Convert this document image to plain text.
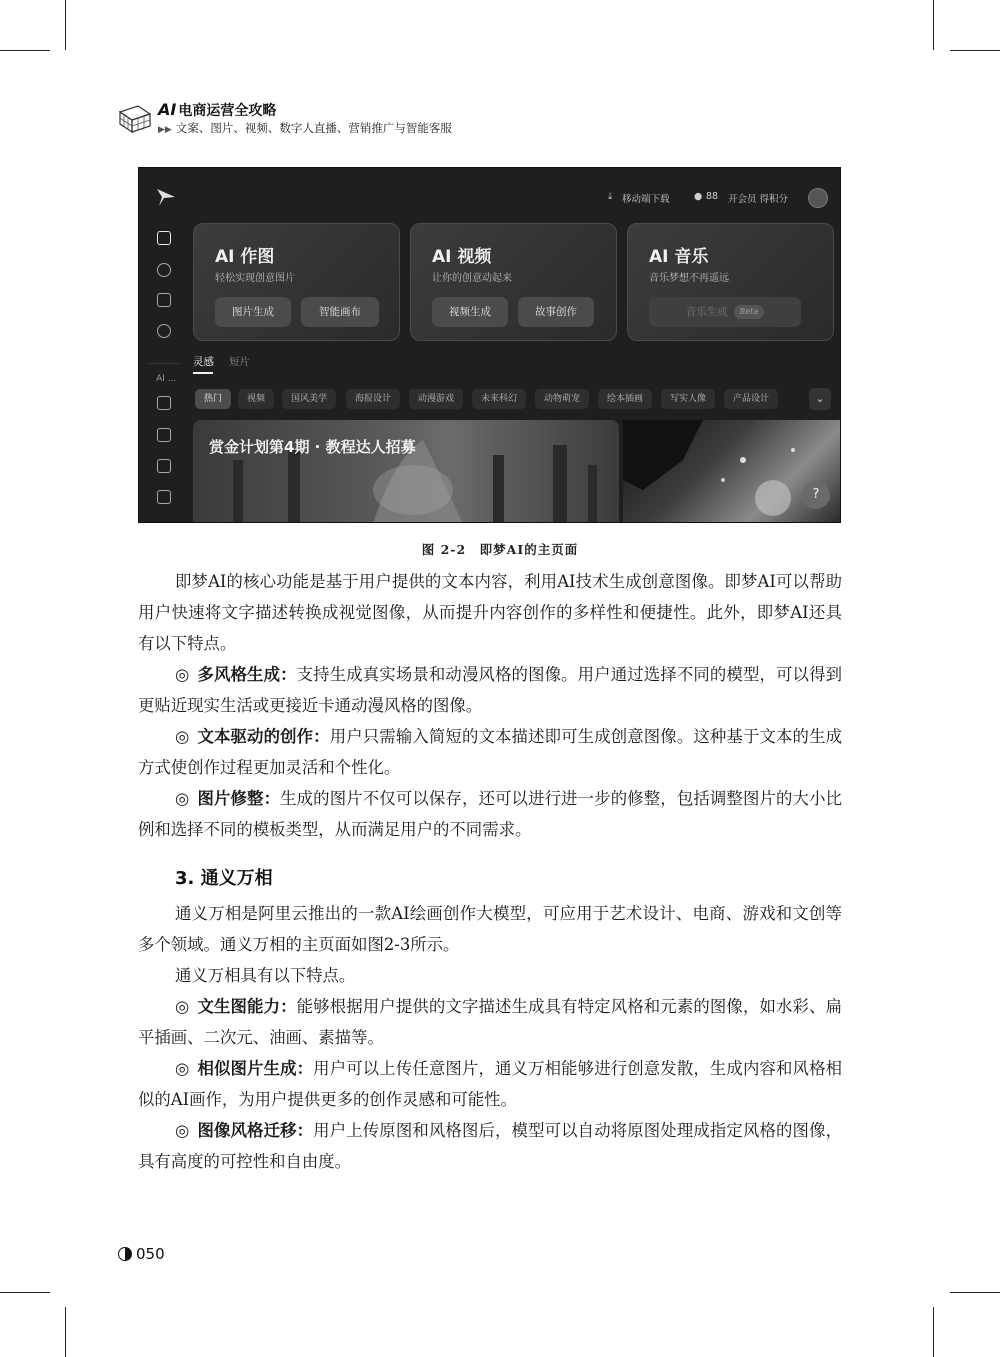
AI 电商运营全攻略
▶▶ 文案、图片、视频、数字人直播、营销推广与智能客服
⤓ 移动端下载	● 88 开会员 得积分
AI ...
AI 作图
轻松实现创意图片
图片生成	智能画布
AI 视频
让你的创意动起来
视频生成	故事创作
AI 音乐
音乐梦想不再遥远
音乐生成 Beta
灵感 短片
热门	视频	国风美学	海报设计	动漫游戏	未来科幻	动物萌宠	绘本插画	写实人像	产品设计	⌄
赏金计划第4期 · 教程达人招募
?
图 2-2　即梦AI的主页面
即梦AI的核心功能是基于用户提供的文本内容，利用AI技术生成创意图像。即梦AI可以帮助用户快速将文字描述转换成视觉图像，从而提升内容创作的多样性和便捷性。此外，即梦AI还具有以下特点。
◎ 多风格生成：支持生成真实场景和动漫风格的图像。用户通过选择不同的模型，可以得到更贴近现实生活或更接近卡通动漫风格的图像。
◎ 文本驱动的创作：用户只需输入简短的文本描述即可生成创意图像。这种基于文本的生成方式使创作过程更加灵活和个性化。
◎ 图片修整：生成的图片不仅可以保存，还可以进行进一步的修整，包括调整图片的大小比例和选择不同的模板类型，从而满足用户的不同需求。
3. 通义万相
通义万相是阿里云推出的一款AI绘画创作大模型，可应用于艺术设计、电商、游戏和文创等多个领域。通义万相的主页面如图2-3所示。
通义万相具有以下特点。
◎ 文生图能力：能够根据用户提供的文字描述生成具有特定风格和元素的图像，如水彩、扁平插画、二次元、油画、素描等。
◎ 相似图片生成：用户可以上传任意图片，通义万相能够进行创意发散，生成内容和风格相似的AI画作，为用户提供更多的创作灵感和可能性。
◎ 图像风格迁移：用户上传原图和风格图后，模型可以自动将原图处理成指定风格的图像，具有高度的可控性和自由度。
050
